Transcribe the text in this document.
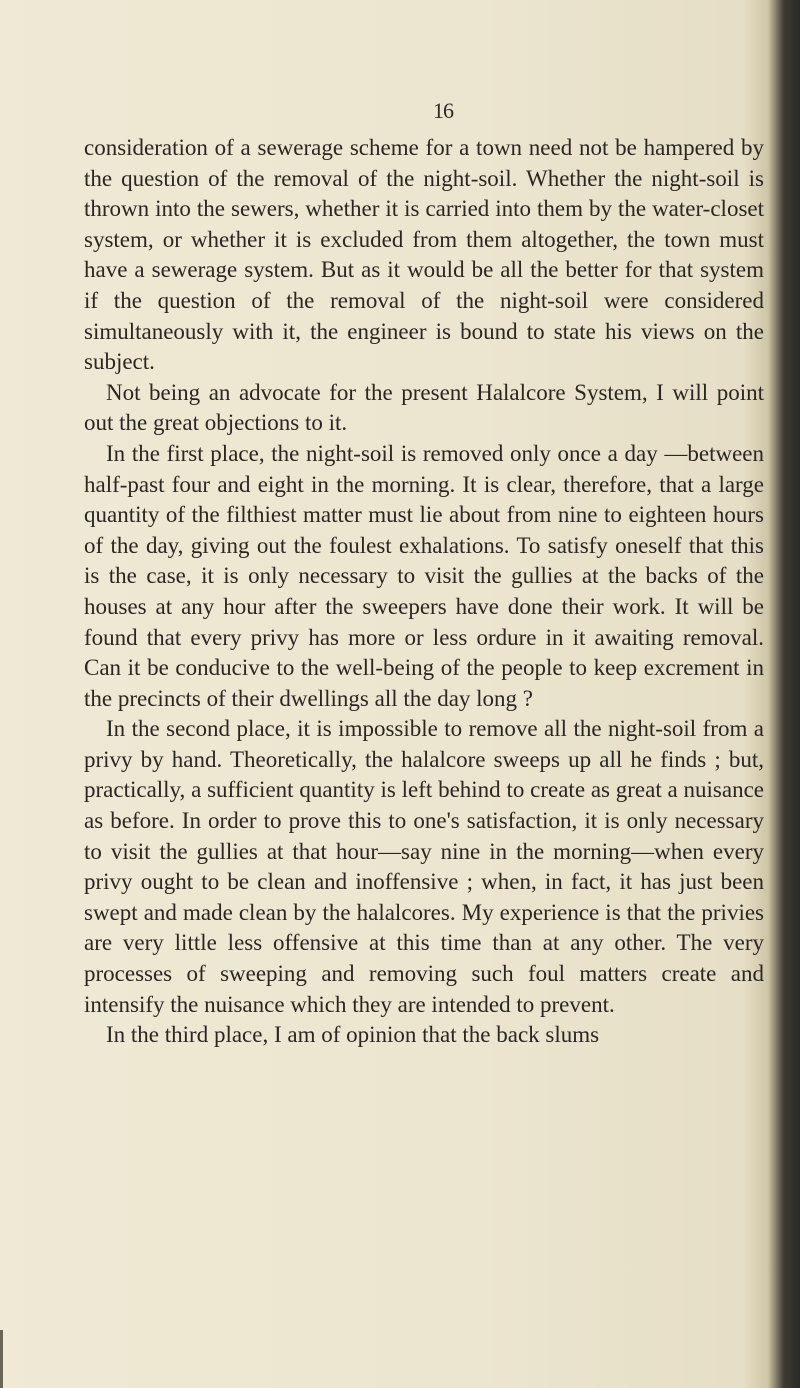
16

consideration of a sewerage scheme for a town need not be hampered by the question of the removal of the night-soil. Whether the night-soil is thrown into the sewers, whether it is carried into them by the water-closet system, or whether it is excluded from them altogether, the town must have a sewerage system. But as it would be all the better for that system if the question of the removal of the night-soil were considered simultaneously with it, the engineer is bound to state his views on the subject.

Not being an advocate for the present Halalcore System, I will point out the great objections to it.

In the first place, the night-soil is removed only once a day —between half-past four and eight in the morning. It is clear, therefore, that a large quantity of the filthiest matter must lie about from nine to eighteen hours of the day, giving out the foulest exhalations. To satisfy oneself that this is the case, it is only necessary to visit the gullies at the backs of the houses at any hour after the sweepers have done their work. It will be found that every privy has more or less ordure in it awaiting removal. Can it be conducive to the well-being of the people to keep excrement in the precincts of their dwellings all the day long ?

In the second place, it is impossible to remove all the night-soil from a privy by hand. Theoretically, the halalcore sweeps up all he finds ; but, practically, a sufficient quantity is left behind to create as great a nuisance as before. In order to prove this to one's satisfaction, it is only necessary to visit the gullies at that hour—say nine in the morning—when every privy ought to be clean and inoffensive ; when, in fact, it has just been swept and made clean by the halalcores. My experience is that the privies are very little less offensive at this time than at any other. The very processes of sweeping and removing such foul matters create and intensify the nuisance which they are intended to prevent.

In the third place, I am of opinion that the back slums
